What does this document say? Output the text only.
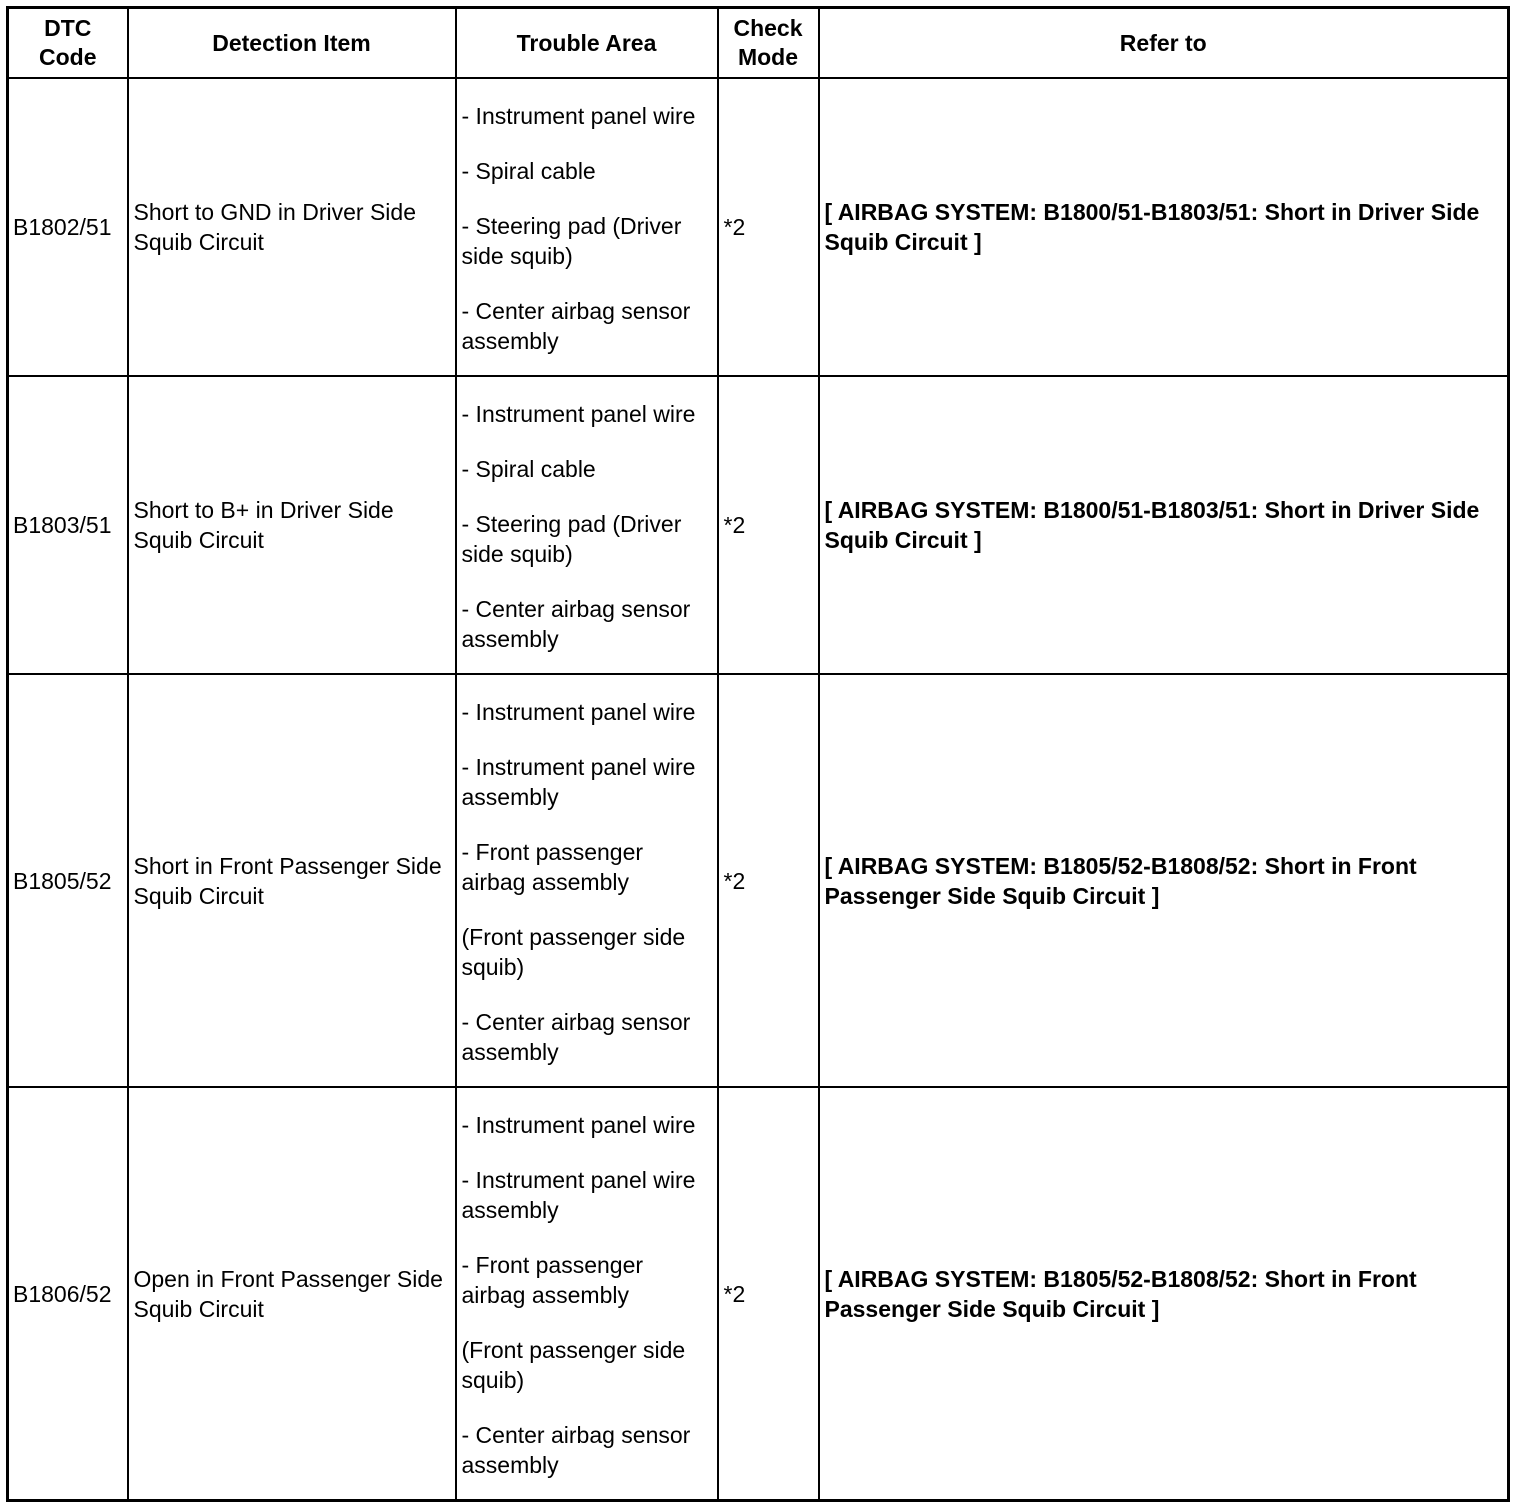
DTC Code	Detection Item	Trouble Area	Check Mode	Refer to
B1802/51	Short to GND in Driver Side Squib Circuit	- Instrument panel wire

- Spiral cable

- Steering pad (Driver side squib)

- Center airbag sensor assembly	*2	[ AIRBAG SYSTEM: B1800/51-B1803/51: Short in Driver Side Squib Circuit ]
B1803/51	Short to B+ in Driver Side Squib Circuit	- Instrument panel wire

- Spiral cable

- Steering pad (Driver side squib)

- Center airbag sensor assembly	*2	[ AIRBAG SYSTEM: B1800/51-B1803/51: Short in Driver Side Squib Circuit ]
B1805/52	Short in Front Passenger Side Squib Circuit	- Instrument panel wire

- Instrument panel wire assembly

- Front passenger airbag assembly

(Front passenger side squib)

- Center airbag sensor assembly	*2	[ AIRBAG SYSTEM: B1805/52-B1808/52: Short in Front Passenger Side Squib Circuit ]
B1806/52	Open in Front Passenger Side Squib Circuit	- Instrument panel wire

- Instrument panel wire assembly

- Front passenger airbag assembly

(Front passenger side squib)

- Center airbag sensor assembly	*2	[ AIRBAG SYSTEM: B1805/52-B1808/52: Short in Front Passenger Side Squib Circuit ]
